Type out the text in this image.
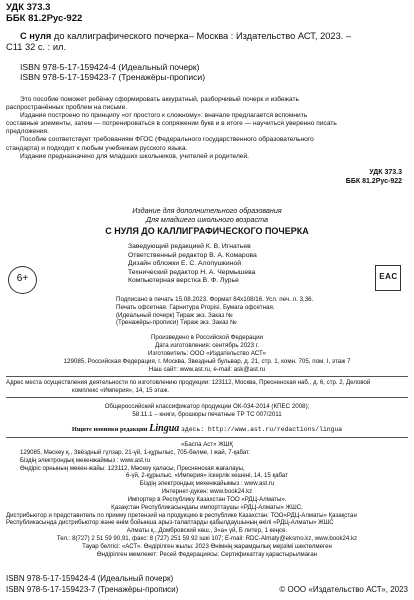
УДК 373.3
ББК 81.2Рус-922
С нуля до каллиграфического почерка– Москва : Издательство АСТ, 2023. –
С11 32 с. : ил.
ISBN 978-5-17-159424-4 (Идеальный почерк)
ISBN 978-5-17-159423-7 (Тренажёры-прописи)
Это пособие поможет ребёнку сформировать аккуратный, разборчивый почерк и избежать
распространённых проблем на письме.
Издание построено по принципу «от простого к сложному»: вначале предлагается вспомнить
составные элементы, затем — потренироваться в сопряжении букв и в итоге — научиться уверенно писать
предложения.
Пособие соответствует требованиям ФГОС (Федерального государственного образовательного
стандарта) и подходит к любым учебникам русского языка.
Издание предназначено для младших школьников, учителей и родителей.
УДК 373.3
ББК 81.2Рус-922
Издание для дополнительного образования
Для младшего школьного возраста
С НУЛЯ ДО КАЛЛИГРАФИЧЕСКОГО ПОЧЕРКА
Заведующий редакцией К. В. Игнатьев
Ответственный редактор В. А. Комарова
Дизайн обложки Е. С. Алопушкиной
Технический редактор Н. А. Чермышева
Компьютерная верстка В. Ф. Лурье
6+	EAC
Подписано в печать 15.08.2023. Формат 84х108/16. Усл. печ. л. 3,36.
Печать офсетная. Гарнитура Propisi. Бумага офсетная.
(Идеальный почерк) Тираж экз. Заказ №
(Тренажёры-прописи) Тираж экз. Заказ №
Произведено в Российской Федерации
Дата изготовления: сентябрь 2023 г.
Изготовитель: ООО «Издательство АСТ»
129085, Российская Федерация, г. Москва, Звездный бульвар, д. 21, стр. 1, комн. 705, пом. I, этаж 7
Наш сайт: www.ast.ru, e-mail: ask@ast.ru
Адрес места осуществления деятельности по изготовлению продукции: 123112, Москва, Пресненская наб., д. 6, стр. 2, Деловой
комплекс «Империя», 14, 15 этаж.
Общероссийский классификатор продукции ОК-034-2014 (КПЕС 2008);
58.11.1 – книги, брошюры печатные ТР ТС 007/2011
Ищите новинки редакции Lingua здесь: http://www.ast.ru/redactions/lingua
«Баспа Аст» ЖШҚ
129085, Мәскеу қ., Звёздный гүлзар, 21-үй, 1-құрылыс, 705-бөлме, I жай, 7-қабат.
Біздің электрондық мекенжаймыз : www.ast.ru
Өндіріс орнының мекен-жайы: 123112, Мәскеу қаласы, Пресненская жағалауы,
6-үй, 2-құрылыс, «Империя» іскерлік кешені, 14, 15 қабат
Біздің электрондық мекенжайымыз : www.ast.ru
Интернет-дукен: www.book24.kz
Импортер в Республику Казахстан ТОО «РДЦ-Алматы».
Қазақстан Республикасындағы импорттаушы «РДЦ-Алматы» ЖШС.
Дистрибьютор и представитель по приему претензий на продукцию в республике Казахстан: ТОО«РДЦ-Алматы» Қазақстан
Республикасында дистрибьютор және өнім бойынша арыз-талаптарды қабылдаушының өкілі «РДЦ-Алматы» ЖШС
Алматы қ., Домбровский көш., 3«а» үй, Б литер, 1 кеңсе.
Тел.: 8(727) 2 51 59 90,91, факс: 8 (727) 251 59 92 ішкі 107; E-mail: RDC-Almaty@eksmo.kz, www.book24.kz
Тауар белгісі: «АСТ». Өндірілген жылы: 2023 Өнімнің жарамдылық мерзімі шектелмеген
Өндірілген мемлекет: Ресей Федерациясы: Сертификаттау қарастырылмаған
ISBN 978-5-17-159424-4 (Идеальный почерк)
ISBN 978-5-17-159423-7 (Тренажёры-прописи)	© ООО «Издательство АСТ», 2023
